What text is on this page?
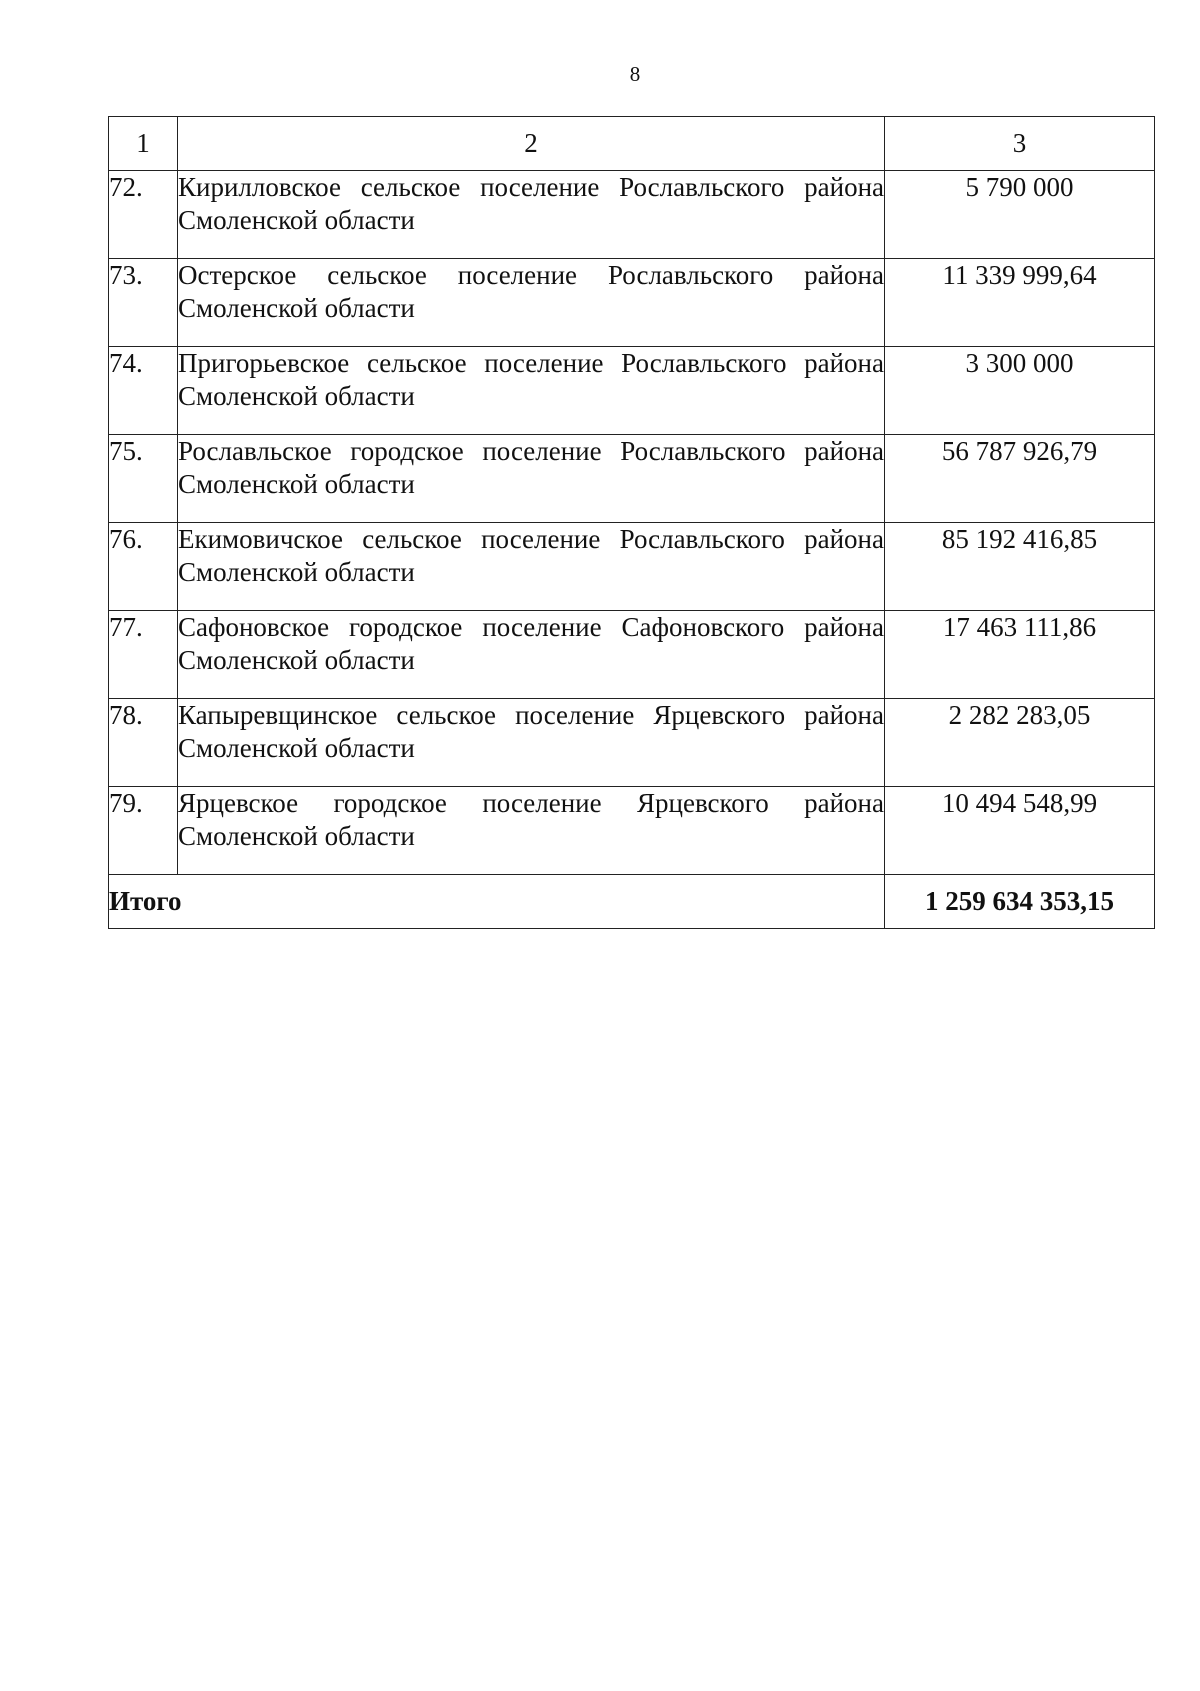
8
1	2	3
72.	Кирилловское сельское поселение Рославльского района Смоленской области	5 790 000
73.	Остерское сельское поселение Рославльского района Смоленской области	11 339 999,64
74.	Пригорьевское сельское поселение Рославльского района Смоленской области	3 300 000
75.	Рославльское городское поселение Рославльского района Смоленской области	56 787 926,79
76.	Екимовичское сельское поселение Рославльского района Смоленской области	85 192 416,85
77.	Сафоновское городское поселение Сафоновского района Смоленской области	17 463 111,86
78.	Капыревщинское сельское поселение Ярцевского района Смоленской области	2 282 283,05
79.	Ярцевское городское поселение Ярцевского района Смоленской области	10 494 548,99
Итого		1 259 634 353,15
